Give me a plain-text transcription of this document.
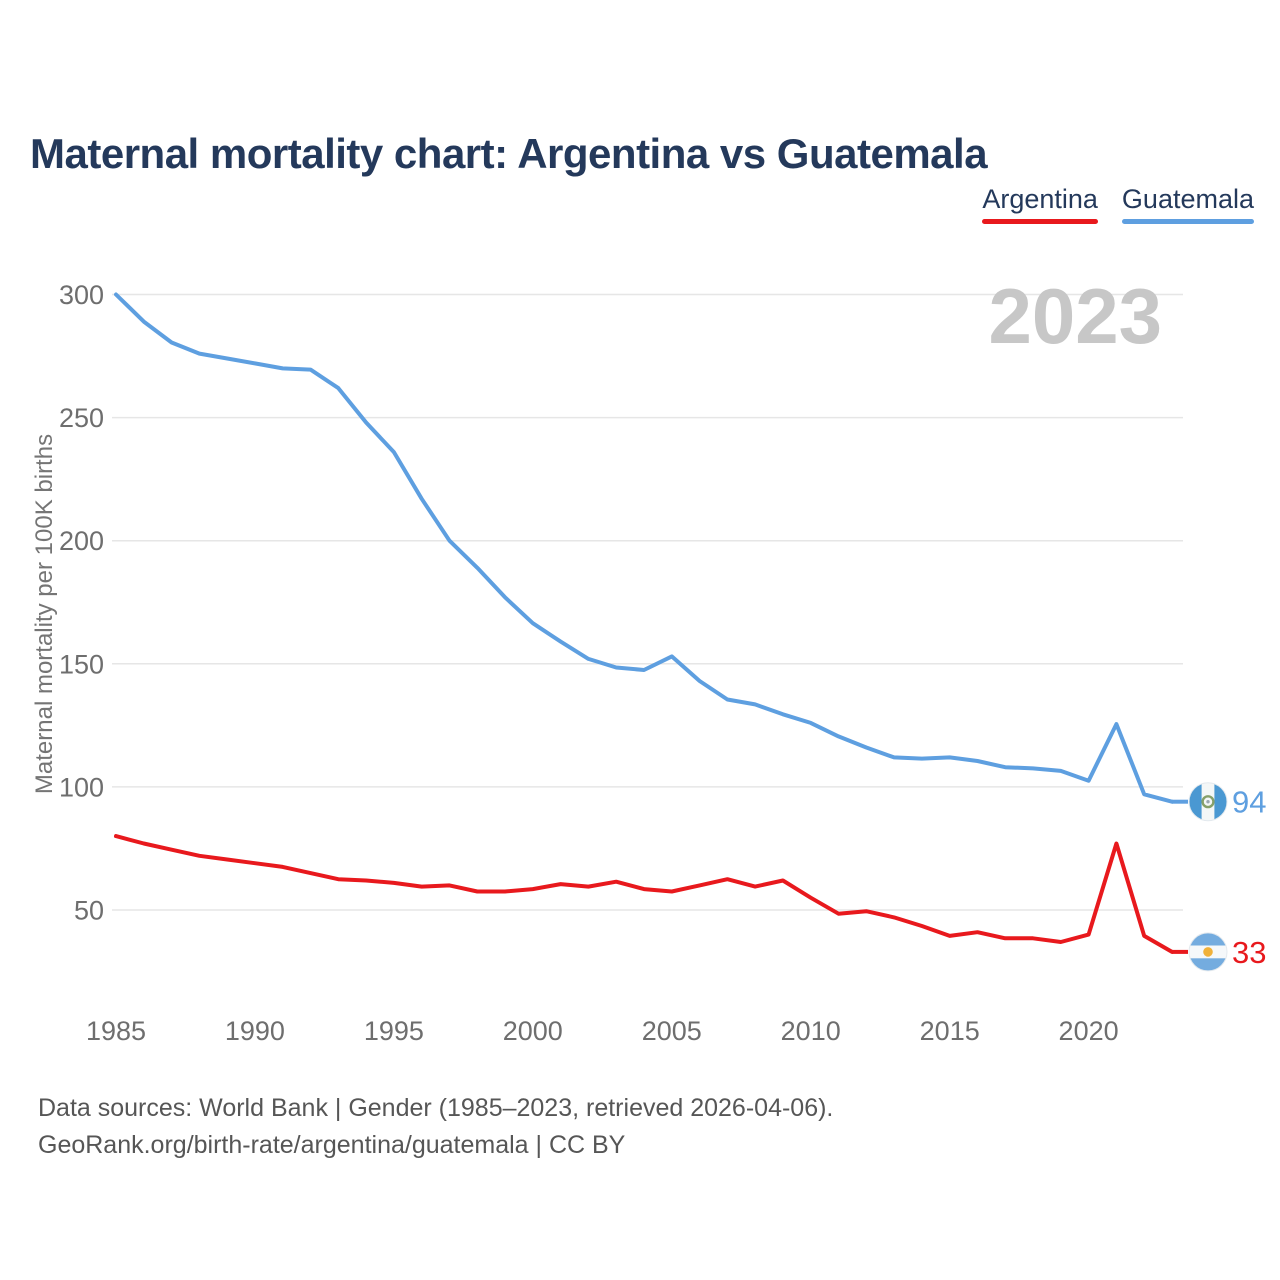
Maternal mortality chart: Argentina vs Guatemala
Argentina Guatemala
2023
300
250
200
150
100
50
1985	1990	1995	2000	2005	2010	2015	2020
Maternal mortality per 100K births
94
33
Data sources: World Bank | Gender (1985–2023, retrieved 2026-04-06).
GeoRank.org/birth-rate/argentina/guatemala | CC BY
